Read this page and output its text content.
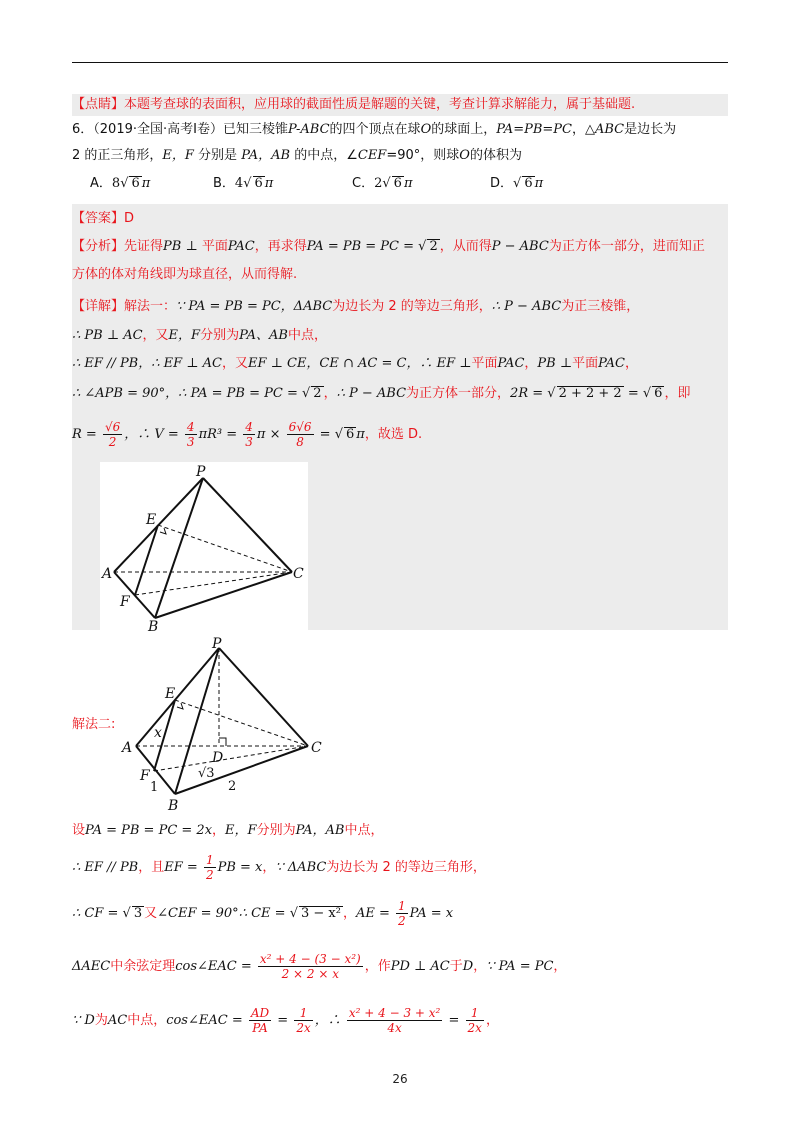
【点睛】本题考查球的表面积，应用球的截面性质是解题的关键，考查计算求解能力，属于基础题.
6．（2019·全国·高考Ⅰ卷）已知三棱锥P-ABC的四个顶点在球O的球面上，PA=PB=PC，△ABC是边长为
2 的正三角形，E，F 分别是 PA，AB 的中点，∠CEF=90°，则球O的体积为
A．8√ 6 π	B．4√ 6 π	C．2√ 6 π	D．√ 6 π
【答案】D
【分析】先证得PB ⊥ 平面PAC，再求得PA = PB = PC = √ 2 ，从而得P − ABC为正方体一部分，进而知正
方体的体对角线即为球直径，从而得解.
【详解】解法一：∵ PA = PB = PC，ΔABC为边长为 2 的等边三角形，∴ P − ABC为正三棱锥，
∴ PB ⊥ AC，又E，F分别为PA、AB中点，
∴ EF // PB，∴ EF ⊥ AC，又EF ⊥ CE，CE ∩ AC = C，∴ EF ⊥平面PAC，PB ⊥平面PAC，
∴ ∠APB = 90°，∴ PA = PB = PC = √ 2 ，∴ P − ABC为正方体一部分，2R = √ 2 + 2 + 2 = √ 6 ，即
$R = \frac{√6}{2}$ ，∴ $V = \frac{4}{3} \pi R^3 = \frac{4}{3}$ $\pi \times \frac{6√6}{8}$ = √ 6 π，故选 D.
P
E
A
F
B
C
P
E
A
x
D
F
B
C
1
√3
2
解法二:
设PA = PB = PC = 2x，E，F分别为PA，AB中点，
∴ EF // PB，且EF = $\frac{1}{2}$ PB = x，∵ ΔABC为边长为 2 的等边三角形，
∴ CF = √ 3 又∠CEF = 90°∴ CE = √ 3 − x² ，AE = $\frac{1}{2}$ PA = x
ΔAEC中余弦定理cos∠EAC = $\frac{\text{x² + 4 − (3 − x²)}}{2 \times 2 \times x}$ ，作PD ⊥ AC于D，∵ PA = PC，
∵ D为AC中点，cos∠EAC = $\frac{AD}{PA} = \frac{1}{2x}$ ，∴ $\frac{\text{x² + 4 − 3 + x²}}{4x} = \frac{1}{2x}$ ，
26
